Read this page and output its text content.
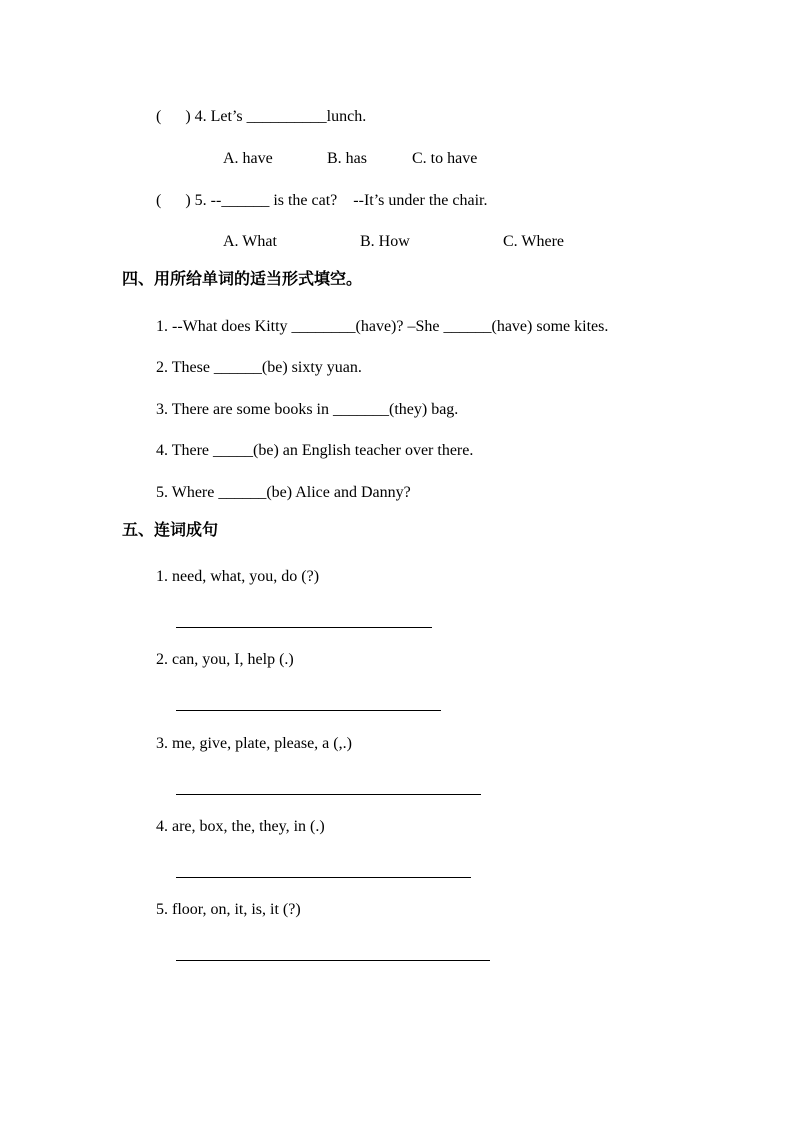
(      ) 4. Let’s __________lunch.
A. have	B. has	C. to have
(      ) 5. --______ is the cat?    --It’s under the chair.
A. What	B. How	C. Where
四、用所给单词的适当形式填空。
1. --What does Kitty ________(have)? –She ______(have) some kites.
2. These ______(be) sixty yuan.
3. There are some books in _______(they) bag.
4. There _____(be) an English teacher over there.
5. Where ______(be) Alice and Danny?
五、连词成句
1. need, what, you, do (?)
2. can, you, I, help (.)
3. me, give, plate, please, a (,.)
4. are, box, the, they, in (.)
5. floor, on, it, is, it (?)
